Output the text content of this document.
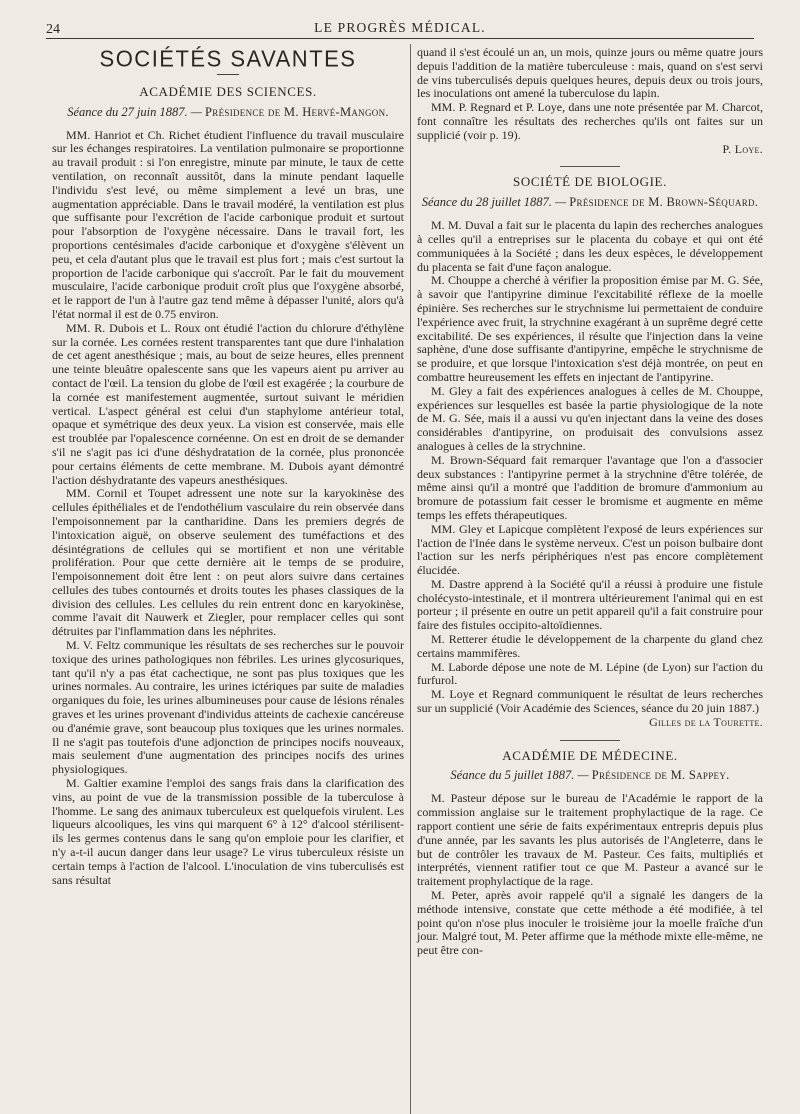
24	LE PROGRÈS MÉDICAL.
SOCIÉTÉS SAVANTES
ACADÉMIE DES SCIENCES.
Séance du 27 juin 1887. — Présidence de M. Hervé-Mangon.

MM. Hanriot et Ch. Richet étudient l'influence du travail musculaire sur les échanges respiratoires. La ventilation pulmonaire se proportionne au travail produit : si l'on enregistre, minute par minute, le taux de cette ventilation, on reconnaît aussitôt, dans la minute pendant laquelle l'individu s'est levé, ou même simplement a levé un bras, une augmentation appréciable. Dans le travail modéré, la ventilation est plus que suffisante pour l'excrétion de l'acide carbonique produit et surtout pour l'absorption de l'oxygène nécessaire. Dans le travail fort, les proportions centésimales d'acide carbonique et d'oxygène s'élèvent un peu, et cela d'autant plus que le travail est plus fort ; mais c'est surtout la proportion de l'acide carbonique qui s'accroît. Par le fait du mouvement musculaire, l'acide carbonique produit croît plus que l'oxygène absorbé, et le rapport de l'un à l'autre gaz tend même à dépasser l'unité, alors qu'à l'état normal il est de 0.75 environ.

MM. R. Dubois et L. Roux ont étudié l'action du chlorure d'éthylène sur la cornée. Les cornées restent transparentes tant que dure l'inhalation de cet agent anesthésique ; mais, au bout de seize heures, elles prennent une teinte bleuâtre opalescente sans que les vapeurs aient pu arriver au contact de l'œil. La tension du globe de l'œil est exagérée ; la courbure de la cornée est manifestement augmentée, surtout suivant le méridien vertical. L'aspect général est celui d'un staphylome antérieur total, opaque et symétrique des deux yeux. La vision est conservée, mais elle est troublée par l'opalescence cornéenne. On est en droit de se demander s'il ne s'agit pas ici d'une déshydratation de la cornée, plus prononcée pour certains éléments de cette membrane. M. Dubois ayant démontré l'action déshydratante des vapeurs anesthésiques.

MM. Cornil et Toupet adressent une note sur la karyokinèse des cellules épithéliales et de l'endothélium vasculaire du rein observée dans l'empoisonnement par la cantharidine. Dans les premiers degrés de l'intoxication aiguë, on observe seulement des tuméfactions et des désintégrations de cellules qui se mortifient et non une véritable prolifération. Pour que cette dernière ait le temps de se produire, l'empoisonnement doit être lent : on peut alors suivre dans certaines cellules des tubes contournés et droits toutes les phases classiques de la division des cellules. Les cellules du rein entrent donc en karyokinèse, comme l'avait dit Nauwerk et Ziegler, pour remplacer celles qui sont détruites par l'inflammation dans les néphrites.

M. V. Feltz communique les résultats de ses recherches sur le pouvoir toxique des urines pathologiques non fébriles. Les urines glycosuriques, tant qu'il n'y a pas état cachectique, ne sont pas plus toxiques que les urines normales. Au contraire, les urines ictériques par suite de maladies organiques du foie, les urines albumineuses pour cause de lésions rénales graves et les urines provenant d'individus atteints de cachexie cancéreuse ou d'anémie grave, sont beaucoup plus toxiques que les urines normales. Il ne s'agit pas toutefois d'une adjonction de principes nocifs nouveaux, mais seulement d'une augmentation des principes nocifs des urines physiologiques.

M. Galtier examine l'emploi des sangs frais dans la clarification des vins, au point de vue de la transmission possible de la tuberculose à l'homme. Le sang des animaux tuberculeux est quelquefois virulent. Les liqueurs alcooliques, les vins qui marquent 6° à 12° d'alcool stérilisent-ils les germes contenus dans le sang qu'on emploie pour les clarifier, et n'y a-t-il aucun danger dans leur usage? Le virus tuberculeux résiste un certain temps à l'action de l'alcool. L'inoculation de vins tuberculisés est sans résultat

quand il s'est écoulé un an, un mois, quinze jours ou même quatre jours depuis l'addition de la matière tuberculeuse : mais, quand on s'est servi de vins tuberculisés depuis quelques heures, depuis deux ou trois jours, les inoculations ont amené la tuberculose du lapin.

MM. P. Regnard et P. Loye, dans une note présentée par M. Charcot, font connaître les résultats des recherches qu'ils ont faites sur un supplicié (voir p. 19).

P. Loye.
SOCIÉTÉ DE BIOLOGIE.
Séance du 28 juillet 1887. — Présidence de M. Brown-Séquard.

M. M. Duval a fait sur le placenta du lapin des recherches analogues à celles qu'il a entreprises sur le placenta du cobaye et qui ont été communiquées à la Société ; dans les deux espèces, le développement du placenta se fait d'une façon analogue.

M. Chouppe a cherché à vérifier la proposition émise par M. G. Sée, à savoir que l'antipyrine diminue l'excitabilité réflexe de la moelle épinière. Ses recherches sur le strychnisme lui permettaient de conduire l'expérience avec fruit, la strychnine exagérant à un suprême degré cette excitabilité. De ses expériences, il résulte que l'injection dans la veine saphène, d'une dose suffisante d'antipyrine, empêche le strychnisme de se produire, et que lorsque l'intoxication s'est déjà montrée, on peut en combattre heureusement les effets en injectant de l'antipyrine.

M. Gley a fait des expériences analogues à celles de M. Chouppe, expériences sur lesquelles est basée la partie physiologique de la note de M. G. Sée, mais il a aussi vu qu'en injectant dans la veine des doses considérables d'antipyrine, on produisait des convulsions assez analogues à celles de la strychnine.

M. Brown-Séquard fait remarquer l'avantage que l'on a d'associer deux substances : l'antipyrine permet à la strychnine d'être tolérée, de même ainsi qu'il a montré que l'addition de bromure d'ammonium au bromure de potassium fait cesser le bromisme et augmente en même temps les effets thérapeutiques.

MM. Gley et Lapicque complètent l'exposé de leurs expériences sur l'action de l'Inée dans le système nerveux. C'est un poison bulbaire dont l'action sur les nerfs périphériques n'est pas encore complètement élucidée.

M. Dastre apprend à la Société qu'il a réussi à produire une fistule cholécysto-intestinale, et il montrera ultérieurement l'animal qui en est porteur ; il présente en outre un petit appareil qu'il a fait construire pour faire des fistules occipito-altoïdiennes.

M. Retterer étudie le développement de la charpente du gland chez certains mammifères.

M. Laborde dépose une note de M. Lépine (de Lyon) sur l'action du furfurol.

M. Loye et Regnard communiquent le résultat de leurs recherches sur un supplicié (Voir Académie des Sciences, séance du 20 juin 1887.)

Gilles de la Tourette.
ACADÉMIE DE MÉDECINE.
Séance du 5 juillet 1887. — Présidence de M. Sappey.

M. Pasteur dépose sur le bureau de l'Académie le rapport de la commission anglaise sur le traitement prophylactique de la rage. Ce rapport contient une série de faits expérimentaux entrepris depuis plus d'une année, par les savants les plus autorisés de l'Angleterre, dans le but de contrôler les travaux de M. Pasteur. Ces faits, multipliés et interprétés, viennent ratifier tout ce que M. Pasteur a avancé sur le traitement prophylactique de la rage.

M. Peter, après avoir rappelé qu'il a signalé les dangers de la méthode intensive, constate que cette méthode a été modifiée, à tel point qu'on n'ose plus inoculer le troisième jour la moelle fraîche d'un jour. Malgré tout, M. Peter affirme que la méthode mixte elle-même, ne peut être con-
